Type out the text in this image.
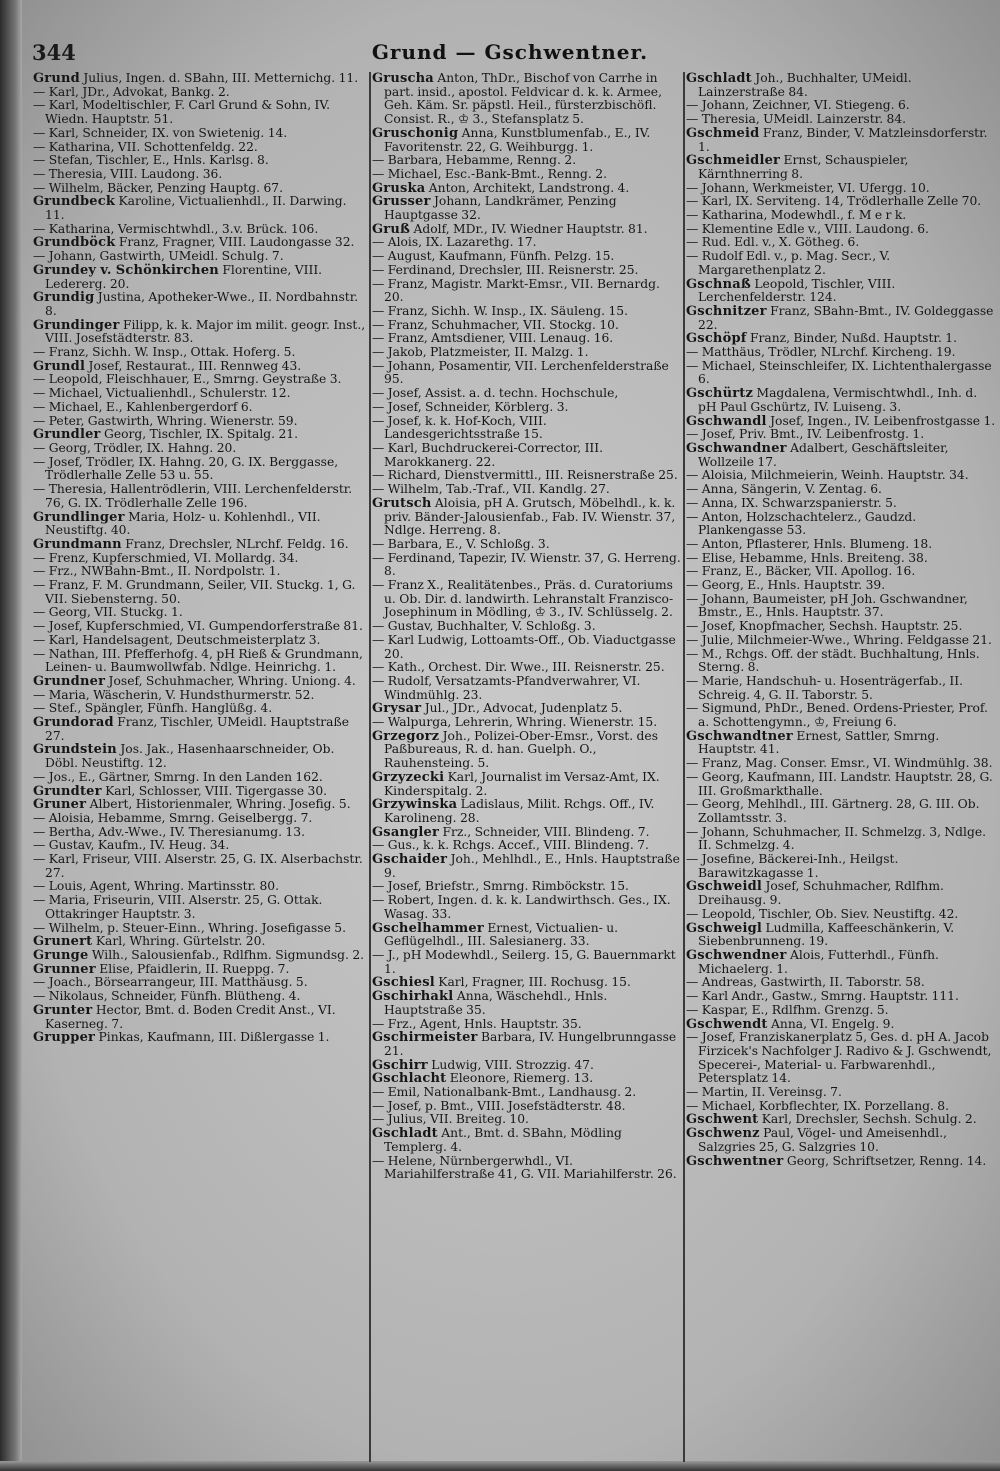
344	Grund — Gschwentner.
Grund Julius, Ingen. d. SBahn, III. Metternichg. 11.
— Karl, JDr., Advokat, Bankg. 2.
— Karl, Modeltischler, F. Carl Grund & Sohn, IV. Wiedn. Hauptstr. 51.
— Karl, Schneider, IX. von Swietenig. 14.
— Katharina, VII. Schottenfeldg. 22.
— Stefan, Tischler, E., Hnls. Karlsg. 8.
— Theresia, VIII. Laudong. 36.
— Wilhelm, Bäcker, Penzing Hauptg. 67.
Grundbeck Karoline, Victualienhdl., II. Darwing. 11.
— Katharina, Vermischtwhdl., 3.v. Brück. 106.
Grundböck Franz, Fragner, VIII. Laudongasse 32.
— Johann, Gastwirth, UMeidl. Schulg. 7.
Grundey v. Schönkirchen Florentine, VIII. Ledererg. 20.
Grundig Justina, Apotheker-Wwe., II. Nordbahnstr. 8.
Grundinger Filipp, k. k. Major im milit. geogr. Inst., VIII. Josefstädterstr. 83.
— Franz, Sichh. W. Insp., Ottak. Hoferg. 5.
Grundl Josef, Restaurat., III. Rennweg 43.
— Leopold, Fleischhauer, E., Smrng. Geystraße 3.
— Michael, Victualienhdl., Schulerstr. 12.
— Michael, E., Kahlenbergerdorf 6.
— Peter, Gastwirth, Whring. Wienerstr. 59.
Grundler Georg, Tischler, IX. Spitalg. 21.
— Georg, Trödler, IX. Hahng. 20.
— Josef, Trödler, IX. Hahng. 20, G. IX. Berggasse, Trödlerhalle Zelle 53 u. 55.
— Theresia, Hallentrödlerin, VIII. Lerchenfelderstr. 76, G. IX. Trödlerhalle Zelle 196.
Grundlinger Maria, Holz- u. Kohlenhdl., VII. Neustiftg. 40.
Grundmann Franz, Drechsler, NLrchf. Feldg. 16.
— Frenz, Kupferschmied, VI. Mollardg. 34.
— Frz., NWBahn-Bmt., II. Nordpolstr. 1.
— Franz, F. M. Grundmann, Seiler, VII. Stuckg. 1, G. VII. Siebensterng. 50.
— Georg, VII. Stuckg. 1.
— Josef, Kupferschmied, VI. Gumpendorferstraße 81.
— Karl, Handelsagent, Deutschmeisterplatz 3.
— Nathan, III. Pfefferhofg. 4, pH Rieß & Grundmann, Leinen- u. Baumwollwfab. Ndlge. Heinrichg. 1.
Grundner Josef, Schuhmacher, Whring. Uniong. 4.
— Maria, Wäscherin, V. Hundsthurmerstr. 52.
— Stef., Spängler, Fünfh. Hanglüßg. 4.
Grundorad Franz, Tischler, UMeidl. Hauptstraße 27.
Grundstein Jos. Jak., Hasenhaarschneider, Ob. Döbl. Neustiftg. 12.
— Jos., E., Gärtner, Smrng. In den Landen 162.
Grundter Karl, Schlosser, VIII. Tigergasse 30.
Gruner Albert, Historienmaler, Whring. Josefig. 5.
— Aloisia, Hebamme, Smrng. Geiselbergg. 7.
— Bertha, Adv.-Wwe., IV. Theresianumg. 13.
— Gustav, Kaufm., IV. Heug. 34.
— Karl, Friseur, VIII. Alserstr. 25, G. IX. Alserbachstr. 27.
— Louis, Agent, Whring. Martinsstr. 80.
— Maria, Friseurin, VIII. Alserstr. 25, G. Ottak. Ottakringer Hauptstr. 3.
— Wilhelm, p. Steuer-Einn., Whring. Josefigasse 5.
Grunert Karl, Whring. Gürtelstr. 20.
Grunge Wilh., Salousienfab., Rdlfhm. Sigmundsg. 2.
Grunner Elise, Pfaidlerin, II. Rueppg. 7.
— Joach., Börsearrangeur, III. Matthäusg. 5.
— Nikolaus, Schneider, Fünfh. Blütheng. 4.
Grunter Hector, Bmt. d. Boden Credit Anst., VI. Kaserneg. 7.
Grupper Pinkas, Kaufmann, III. Dißlergasse 1.
Gruscha Anton, ThDr., Bischof von Carrhe in part. insid., apostol. Feldvicar d. k. k. Armee, Geh. Käm. Sr. päpstl. Heil., fürsterzbischöfl. Consist. R., ♔ 3., Stefansplatz 5.
Gruschonig Anna, Kunstblumenfab., E., IV. Favoritenstr. 22, G. Weihburgg. 1.
— Barbara, Hebamme, Renng. 2.
— Michael, Esc.-Bank-Bmt., Renng. 2.
Gruska Anton, Architekt, Landstrong. 4.
Grusser Johann, Landkrämer, Penzing Hauptgasse 32.
Gruß Adolf, MDr., IV. Wiedner Hauptstr. 81.
— Alois, IX. Lazarethg. 17.
— August, Kaufmann, Fünfh. Pelzg. 15.
— Ferdinand, Drechsler, III. Reisnerstr. 25.
— Franz, Magistr. Markt-Emsr., VII. Bernardg. 20.
— Franz, Sichh. W. Insp., IX. Säuleng. 15.
— Franz, Schuhmacher, VII. Stockg. 10.
— Franz, Amtsdiener, VIII. Lenaug. 16.
— Jakob, Platzmeister, II. Malzg. 1.
— Johann, Posamentir, VII. Lerchenfelderstraße 95.
— Josef, Assist. a. d. techn. Hochschule,
— Josef, Schneider, Körblerg. 3.
— Josef, k. k. Hof-Koch, VIII. Landesgerichtsstraße 15.
— Karl, Buchdruckerei-Corrector, III. Marokkanerg. 22.
— Richard, Dienstvermittl., III. Reisnerstraße 25.
— Wilhelm, Tab.-Traf., VII. Kandlg. 27.
Grutsch Aloisia, pH A. Grutsch, Möbelhdl., k. k. priv. Bänder-Jalousienfab., Fab. IV. Wienstr. 37, Ndlge. Herreng. 8.
— Barbara, E., V. Schloßg. 3.
— Ferdinand, Tapezir, IV. Wienstr. 37, G. Herreng. 8.
— Franz X., Realitätenbes., Präs. d. Curatoriums u. Ob. Dir. d. landwirth. Lehranstalt Franzisco-Josephinum in Mödling, ♔ 3., IV. Schlüsselg. 2.
— Gustav, Buchhalter, V. Schloßg. 3.
— Karl Ludwig, Lottoamts-Off., Ob. Viaductgasse 20.
— Kath., Orchest. Dir. Wwe., III. Reisnerstr. 25.
— Rudolf, Versatzamts-Pfandverwahrer, VI. Windmühlg. 23.
Grysar Jul., JDr., Advocat, Judenplatz 5.
— Walpurga, Lehrerin, Whring. Wienerstr. 15.
Grzegorz Joh., Polizei-Ober-Emsr., Vorst. des Paßbureaus, R. d. han. Guelph. O., Rauhensteing. 5.
Grzyzecki Karl, Journalist im Versaz-Amt, IX. Kinderspitalg. 2.
Grzywinska Ladislaus, Milit. Rchgs. Off., IV. Karolineng. 28.
Gsangler Frz., Schneider, VIII. Blindeng. 7.
— Gus., k. k. Rchgs. Accef., VIII. Blindeng. 7.
Gschaider Joh., Mehlhdl., E., Hnls. Hauptstraße 9.
— Josef, Briefstr., Smrng. Rimböckstr. 15.
— Robert, Ingen. d. k. k. Landwirthsch. Ges., IX. Wasag. 33.
Gschelhammer Ernest, Victualien- u. Geflügelhdl., III. Salesianerg. 33.
— J., pH Modewhdl., Seilerg. 15, G. Bauernmarkt 1.
Gschiesl Karl, Fragner, III. Rochusg. 15.
Gschirhakl Anna, Wäschehdl., Hnls. Hauptstraße 35.
— Frz., Agent, Hnls. Hauptstr. 35.
Gschirmeister Barbara, IV. Hungelbrunngasse 21.
Gschirr Ludwig, VIII. Strozzig. 47.
Gschlacht Eleonore, Riemerg. 13.
— Emil, Nationalbank-Bmt., Landhausg. 2.
— Josef, p. Bmt., VIII. Josefstädterstr. 48.
— Julius, VII. Breiteg. 10.
Gschladt Ant., Bmt. d. SBahn, Mödling Templerg. 4.
— Helene, Nürnbergerwhdl., VI. Mariahilferstraße 41, G. VII. Mariahilferstr. 26.
Gschladt Joh., Buchhalter, UMeidl. Lainzerstraße 84.
— Johann, Zeichner, VI. Stiegeng. 6.
— Theresia, UMeidl. Lainzerstr. 84.
Gschmeid Franz, Binder, V. Matzleinsdorferstr. 1.
Gschmeidler Ernst, Schauspieler, Kärnthnerring 8.
— Johann, Werkmeister, VI. Ufergg. 10.
— Karl, IX. Serviteng. 14, Trödlerhalle Zelle 70.
— Katharina, Modewhdl., f. M e r k.
— Klementine Edle v., VIII. Laudong. 6.
— Rud. Edl. v., X. Götheg. 6.
— Rudolf Edl. v., p. Mag. Secr., V. Margarethenplatz 2.
Gschnaß Leopold, Tischler, VIII. Lerchenfelderstr. 124.
Gschnitzer Franz, SBahn-Bmt., IV. Goldeggasse 22.
Gschöpf Franz, Binder, Nußd. Hauptstr. 1.
— Matthäus, Trödler, NLrchf. Kircheng. 19.
— Michael, Steinschleifer, IX. Lichtenthalergasse 6.
Gschürtz Magdalena, Vermischtwhdl., Inh. d. pH Paul Gschürtz, IV. Luiseng. 3.
Gschwandl Josef, Ingen., IV. Leibenfrostgasse 1.
— Josef, Priv. Bmt., IV. Leibenfrostg. 1.
Gschwandner Adalbert, Geschäftsleiter, Wollzeile 17.
— Aloisia, Milchmeierin, Weinh. Hauptstr. 34.
— Anna, Sängerin, V. Zentag. 6.
— Anna, IX. Schwarzspanierstr. 5.
— Anton, Holzschachtelerz., Gaudzd. Plankengasse 53.
— Anton, Pflasterer, Hnls. Blumeng. 18.
— Elise, Hebamme, Hnls. Breiteng. 38.
— Franz, E., Bäcker, VII. Apollog. 16.
— Georg, E., Hnls. Hauptstr. 39.
— Johann, Baumeister, pH Joh. Gschwandner, Bmstr., E., Hnls. Hauptstr. 37.
— Josef, Knopfmacher, Sechsh. Hauptstr. 25.
— Julie, Milchmeier-Wwe., Whring. Feldgasse 21.
— M., Rchgs. Off. der städt. Buchhaltung, Hnls. Sterng. 8.
— Marie, Handschuh- u. Hosenträgerfab., II. Schreig. 4, G. II. Taborstr. 5.
— Sigmund, PhDr., Bened. Ordens-Priester, Prof. a. Schottengymn., ♔, Freiung 6.
Gschwandtner Ernest, Sattler, Smrng. Hauptstr. 41.
— Franz, Mag. Conser. Emsr., VI. Windmühlg. 38.
— Georg, Kaufmann, III. Landstr. Hauptstr. 28, G. III. Großmarkthalle.
— Georg, Mehlhdl., III. Gärtnerg. 28, G. III. Ob. Zollamtsstr. 3.
— Johann, Schuhmacher, II. Schmelzg. 3, Ndlge. II. Schmelzg. 4.
— Josefine, Bäckerei-Inh., Heilgst. Barawitzkagasse 1.
Gschweidl Josef, Schuhmacher, Rdlfhm. Dreihausg. 9.
— Leopold, Tischler, Ob. Siev. Neustiftg. 42.
Gschweigl Ludmilla, Kaffeeschänkerin, V. Siebenbrunneng. 19.
Gschwendner Alois, Futterhdl., Fünfh. Michaelerg. 1.
— Andreas, Gastwirth, II. Taborstr. 58.
— Karl Andr., Gastw., Smrng. Hauptstr. 111.
— Kaspar, E., Rdlfhm. Grenzg. 5.
Gschwendt Anna, VI. Engelg. 9.
— Josef, Franziskanerplatz 5, Ges. d. pH A. Jacob Firzicek's Nachfolger J. Radivo & J. Gschwendt, Specerei-, Material- u. Farbwarenhdl., Petersplatz 14.
— Martin, II. Vereinsg. 7.
— Michael, Korbflechter, IX. Porzellang. 8.
Gschwent Karl, Drechsler, Sechsh. Schulg. 2.
Gschwenz Paul, Vögel- und Ameisenhdl., Salzgries 25, G. Salzgries 10.
Gschwentner Georg, Schriftsetzer, Renng. 14.
